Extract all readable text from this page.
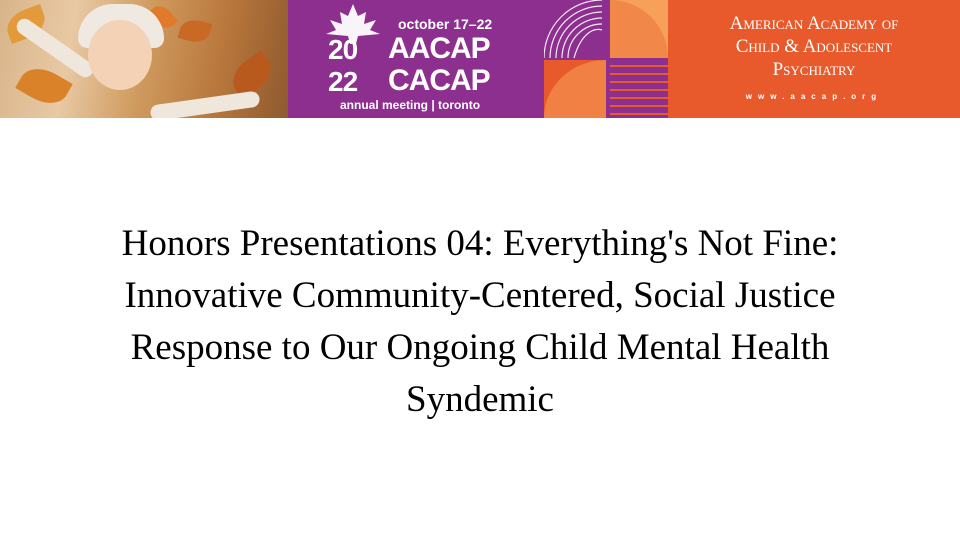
october 17–22
20
22
AACAP
CACAP
annual meeting | toronto
American Academy of
Child & Adolescent
Psychiatry
www.aacap.org
Honors Presentations 04: Everything's Not Fine:
Innovative Community-Centered, Social Justice
Response to Our Ongoing Child Mental Health
Syndemic
